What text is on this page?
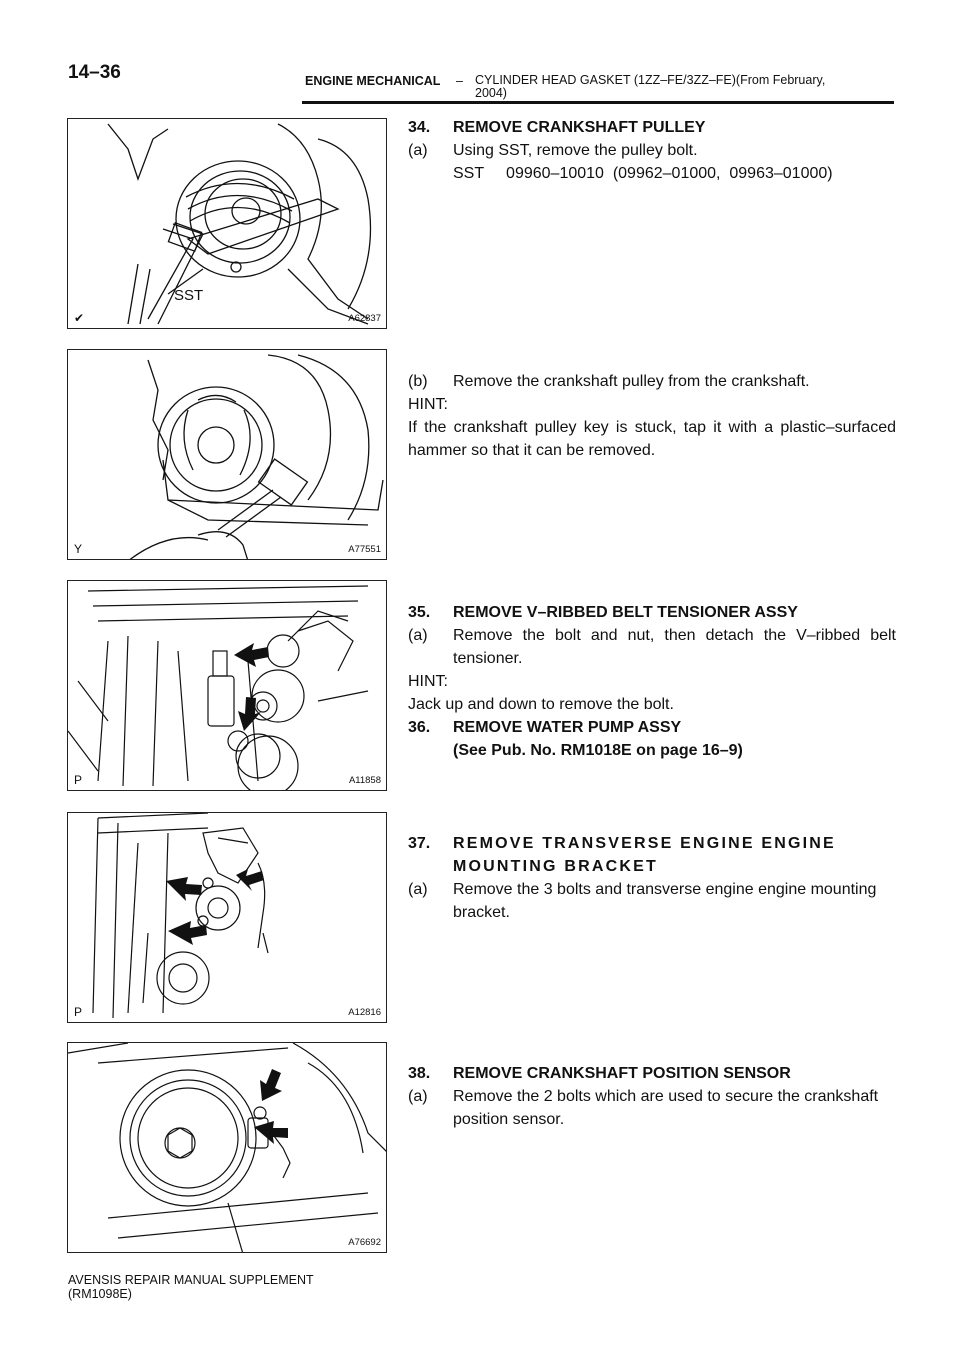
14–36	ENGINE MECHANICAL – CYLINDER HEAD GASKET (1ZZ–FE/3ZZ–FE)(From February, 2004)
SST
✔	A62837
Y	A77551
P	A11858
P	A12816
A76692
34.	REMOVE CRANKSHAFT PULLEY
(a)	Using SST, remove the pulley bolt.
SST     09960–10010  (09962–01000,  09963–01000)
(b)	Remove the crankshaft pulley from the crankshaft.
HINT:
If the crankshaft pulley key is stuck, tap it with a plastic–surfaced hammer so that it can be removed.
35.	REMOVE V–RIBBED BELT TENSIONER ASSY
(a)	Remove the bolt and nut, then detach the V–ribbed belt tensioner.
HINT:
Jack up and down to remove the bolt.
36.	REMOVE WATER PUMP ASSY
(See Pub. No. RM1018E on page 16–9)
37.	REMOVE TRANSVERSE ENGINE ENGINE MOUNTING BRACKET
(a)	Remove the 3 bolts and transverse engine engine mounting bracket.
38.	REMOVE CRANKSHAFT POSITION SENSOR
(a)	Remove the 2 bolts which are used to secure the crankshaft position sensor.
AVENSIS REPAIR MANUAL SUPPLEMENT
(RM1098E)
